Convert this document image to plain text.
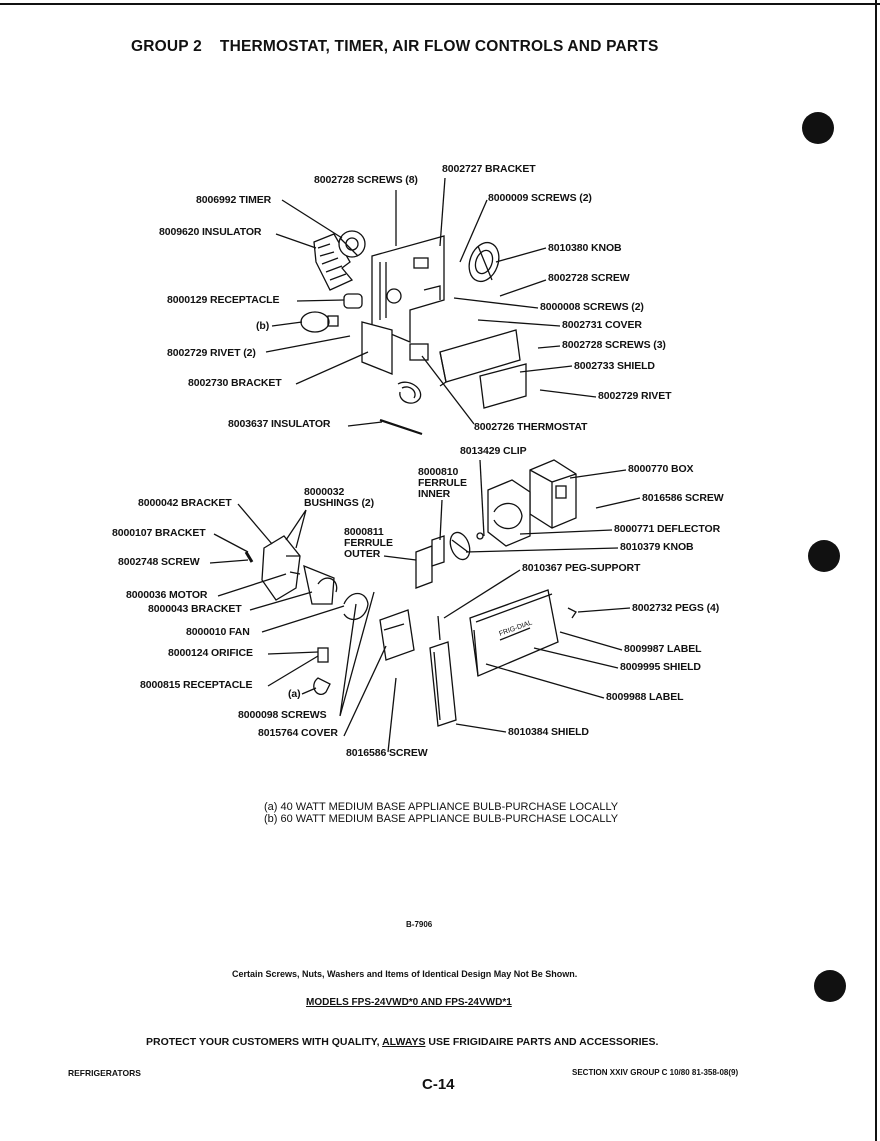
GROUP 2    THERMOSTAT, TIMER, AIR FLOW CONTROLS AND PARTS
FRIG-DIAL
8002728 SCREWS (8)
8002727 BRACKET
8006992 TIMER	8000009 SCREWS (2)
8009620 INSULATOR
8010380 KNOB
8002728 SCREW
8000129 RECEPTACLE
8000008 SCREWS (2)
(b)	8002731 COVER
8002728 SCREWS (3)
8002729 RIVET (2)
8002733 SHIELD
8002730 BRACKET
8002729 RIVET
8003637 INSULATOR	8002726 THERMOSTAT
8013429 CLIP
8000810
FERRULE
INNER
8000770 BOX
8000032
BUSHINGS (2)
8000042 BRACKET	8016586 SCREW
8000811
FERRULE
OUTER
8000107 BRACKET	8000771 DEFLECTOR
8010379 KNOB
8002748 SCREW	8010367 PEG-SUPPORT
8000036 MOTOR
8000043 BRACKET	8002732 PEGS (4)
8000010 FAN
8009987 LABEL
8000124 ORIFICE
8009995 SHIELD
8000815 RECEPTACLE
(a)	8009988 LABEL
8000098 SCREWS
8015764 COVER	8010384 SHIELD
8016586 SCREW
(a) 40 WATT MEDIUM BASE APPLIANCE BULB-PURCHASE LOCALLY
(b) 60 WATT MEDIUM BASE APPLIANCE BULB-PURCHASE LOCALLY
B-7906
Certain Screws, Nuts, Washers and Items of Identical Design May Not Be Shown.
MODELS FPS-24VWD*0 AND FPS-24VWD*1
PROTECT YOUR CUSTOMERS WITH QUALITY, ALWAYS USE FRIGIDAIRE PARTS AND ACCESSORIES.
REFRIGERATORS	SECTION XXIV GROUP C 10/80 81-358-08(9)
C-14
